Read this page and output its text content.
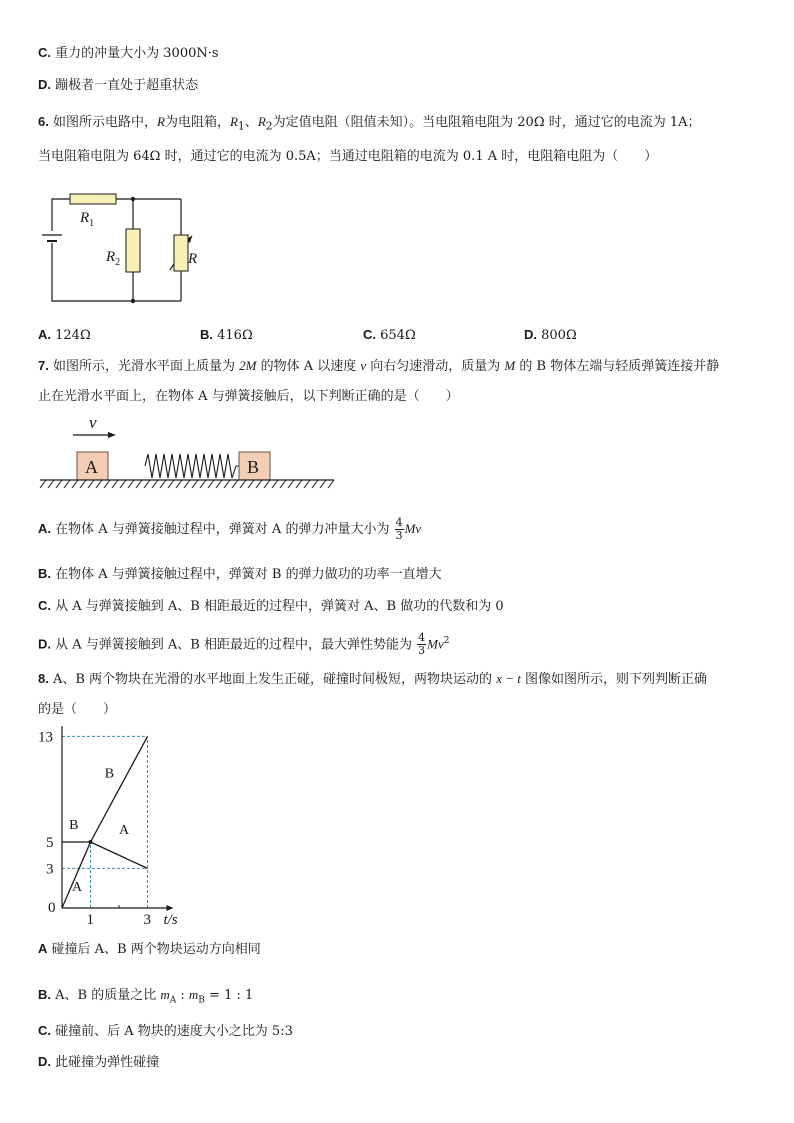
C. 重力的冲量大小为 3000N·s
D. 蹦极者一直处于超重状态
6. 如图所示电路中，R为电阻箱，$R_1$、$R_2$为定值电阻（阻值未知）。当电阻箱电阻为 20Ω 时，通过它的电流为 1A；
当电阻箱电阻为 64Ω 时，通过它的电流为 0.5A；当通过电阻箱的电流为 0.1 A 时，电阻箱电阻为（　　）
$R_1$
$R_2$	R
A. 124Ω	B. 416Ω	C. 654Ω	D. 800Ω
7. 如图所示，光滑水平面上质量为 2M 的物体 A 以速度 v 向右匀速滑动，质量为 M 的 B 物体左端与轻质弹簧连接并静
止在光滑水平面上，在物体 A 与弹簧接触后，以下判断正确的是（　　）
v
A	B
A. 在物体 A 与弹簧接触过程中，弹簧对 A 的弹力冲量大小为 $\frac{4}{3}$ Mv
B. 在物体 A 与弹簧接触过程中，弹簧对 B 的弹力做功的功率一直增大
C. 从 A 与弹簧接触到 A、B 相距最近的过程中，弹簧对 A、B 做功的代数和为 0
D. 从 A 与弹簧接触到 A、B 相距最近的过程中，最大弹性势能为 $\frac{4}{3} Mv^2$
8. A、B 两个物块在光滑的水平地面上发生正碰，碰撞时间极短，两物块运动的 x − t 图像如图所示，则下列判断正确
的是（　　）
0
1	3
3
5
13
t/s
A
B	A
B
A 碰撞后 A、B 两个物块运动方向相同
B. A、B 的质量之比 $m_A$ : $m_B = 1$ : 1
C. 碰撞前、后 A 物块的速度大小之比为 5:3
D. 此碰撞为弹性碰撞
